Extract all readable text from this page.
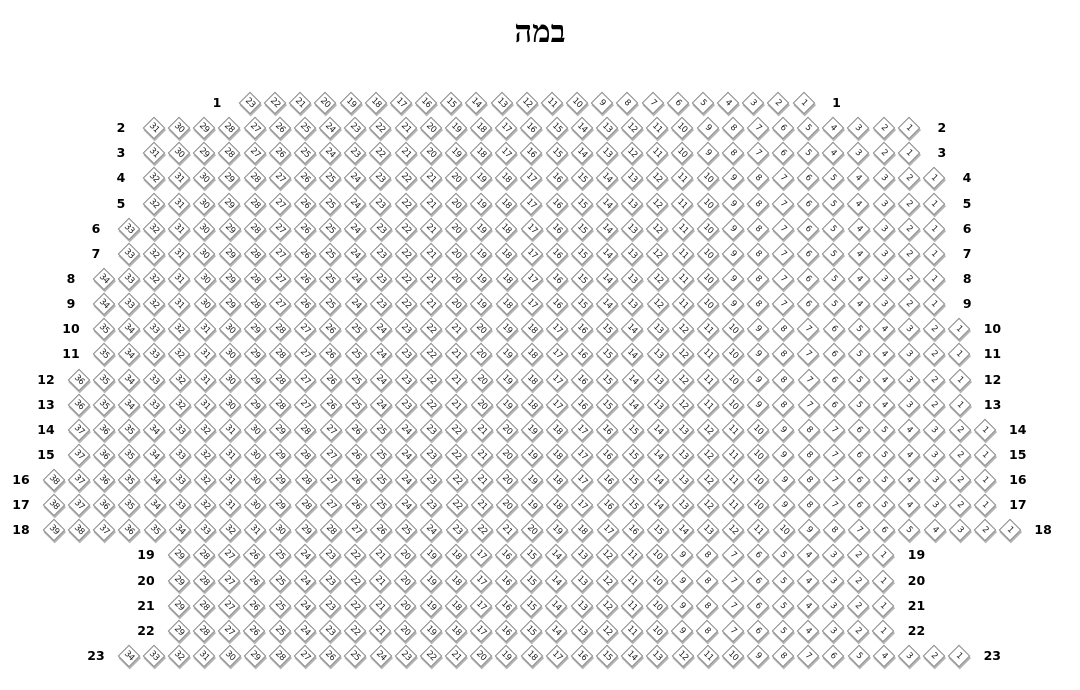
במה
1	23 22 21 20 19 18 17 16 15 14 13 12 11 10 9 8 7 6 5 4 3 2 1	1
2	31 30 29 28 27 26 25 24 23 22 21 20 19 18 17 16 15 14 13 12 11 10 9 8 7 6 5 4 3 2 1	2
3	31 30 29 28 27 26 25 24 23 22 21 20 19 18 17 16 15 14 13 12 11 10 9 8 7 6 5 4 3 2 1	3
4	32 31 30 29 28 27 26 25 24 23 22 21 20 19 18 17 16 15 14 13 12 11 10 9 8 7 6 5 4 3 2 1	4
5	32 31 30 29 28 27 26 25 24 23 22 21 20 19 18 17 16 15 14 13 12 11 10 9 8 7 6 5 4 3 2 1	5
6	33 32 31 30 29 28 27 26 25 24 23 22 21 20 19 18 17 16 15 14 13 12 11 10 9 8 7 6 5 4 3 2 1	6
7	33 32 31 30 29 28 27 26 25 24 23 22 21 20 19 18 17 16 15 14 13 12 11 10 9 8 7 6 5 4 3 2 1	7
8	34 33 32 31 30 29 28 27 26 25 24 23 22 21 20 19 18 17 16 15 14 13 12 11 10 9 8 7 6 5 4 3 2 1	8
9	34 33 32 31 30 29 28 27 26 25 24 23 22 21 20 19 18 17 16 15 14 13 12 11 10 9 8 7 6 5 4 3 2 1	9
10	35 34 33 32 31 30 29 28 27 26 25 24 23 22 21 20 19 18 17 16 15 14 13 12 11 10 9 8 7 6 5 4 3 2 1	10
11	35 34 33 32 31 30 29 28 27 26 25 24 23 22 21 20 19 18 17 16 15 14 13 12 11 10 9 8 7 6 5 4 3 2 1	11
12	36 35 34 33 32 31 30 29 28 27 26 25 24 23 22 21 20 19 18 17 16 15 14 13 12 11 10 9 8 7 6 5 4 3 2 1	12
13	36 35 34 33 32 31 30 29 28 27 26 25 24 23 22 21 20 19 18 17 16 15 14 13 12 11 10 9 8 7 6 5 4 3 2 1	13
14	37 36 35 34 33 32 31 30 29 28 27 26 25 24 23 22 21 20 19 18 17 16 15 14 13 12 11 10 9 8 7 6 5 4 3 2 1	14
15	37 36 35 34 33 32 31 30 29 28 27 26 25 24 23 22 21 20 19 18 17 16 15 14 13 12 11 10 9 8 7 6 5 4 3 2 1	15
16	38 37 36 35 34 33 32 31 30 29 28 27 26 25 24 23 22 21 20 19 18 17 16 15 14 13 12 11 10 9 8 7 6 5 4 3 2 1	16
17	38 37 36 35 34 33 32 31 30 29 28 27 26 25 24 23 22 21 20 19 18 17 16 15 14 13 12 11 10 9 8 7 6 5 4 3 2 1	17
18	39 38 37 36 35 34 33 32 31 30 29 28 27 26 25 24 23 22 21 20 19 18 17 16 15 14 13 12 11 10 9 8 7 6 5 4 3 2 1	18
19	29 28 27 26 25 24 23 22 21 20 19 18 17 16 15 14 13 12 11 10 9 8 7 6 5 4 3 2 1	19
20	29 28 27 26 25 24 23 22 21 20 19 18 17 16 15 14 13 12 11 10 9 8 7 6 5 4 3 2 1	20
21	29 28 27 26 25 24 23 22 21 20 19 18 17 16 15 14 13 12 11 10 9 8 7 6 5 4 3 2 1	21
22	29 28 27 26 25 24 23 22 21 20 19 18 17 16 15 14 13 12 11 10 9 8 7 6 5 4 3 2 1	22
23	34 33 32 31 30 29 28 27 26 25 24 23 22 21 20 19 18 17 16 15 14 13 12 11 10 9 8 7 6 5 4 3 2 1	23
